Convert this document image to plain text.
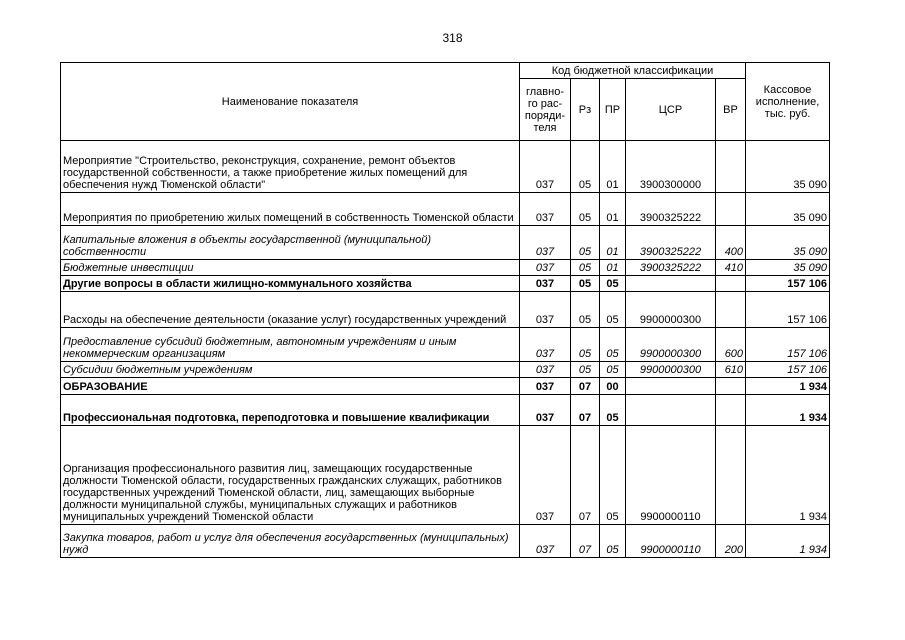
318
Наименование показателя	Код бюджетной классификации					Кассовое исполнение, тыс. руб.
	главно-го рас-поряди-теля	Рз	ПР	ЦСР	ВР	
Мероприятие "Строительство, реконструкция, сохранение, ремонт объектов государственной собственности, а также приобретение жилых помещений для обеспечения нужд Тюменской области"	037	05	01	3900300000		35 090
Мероприятия по приобретению жилых помещений в собственность Тюменской области	037	05	01	3900325222		35 090
Капитальные вложения в объекты государственной (муниципальной) собственности	037	05	01	3900325222	400	35 090
Бюджетные инвестиции	037	05	01	3900325222	410	35 090
Другие вопросы в области жилищно-коммунального хозяйства	037	05	05			157 106
Расходы на обеспечение деятельности (оказание услуг) государственных учреждений	037	05	05	9900000300		157 106
Предоставление субсидий бюджетным, автономным учреждениям и иным некоммерческим организациям	037	05	05	9900000300	600	157 106
Субсидии бюджетным учреждениям	037	05	05	9900000300	610	157 106
ОБРАЗОВАНИЕ	037	07	00			1 934
Профессиональная подготовка, переподготовка и повышение квалификации	037	07	05			1 934
Организация профессионального развития лиц, замещающих государственные должности Тюменской области, государственных гражданских служащих, работников государственных учреждений Тюменской области, лиц, замещающих выборные должности муниципальной службы, муниципальных служащих и работников муниципальных учреждений Тюменской области	037	07	05	9900000110		1 934
Закупка товаров, работ и услуг для обеспечения государственных (муниципальных) нужд	037	07	05	9900000110	200	1 934
